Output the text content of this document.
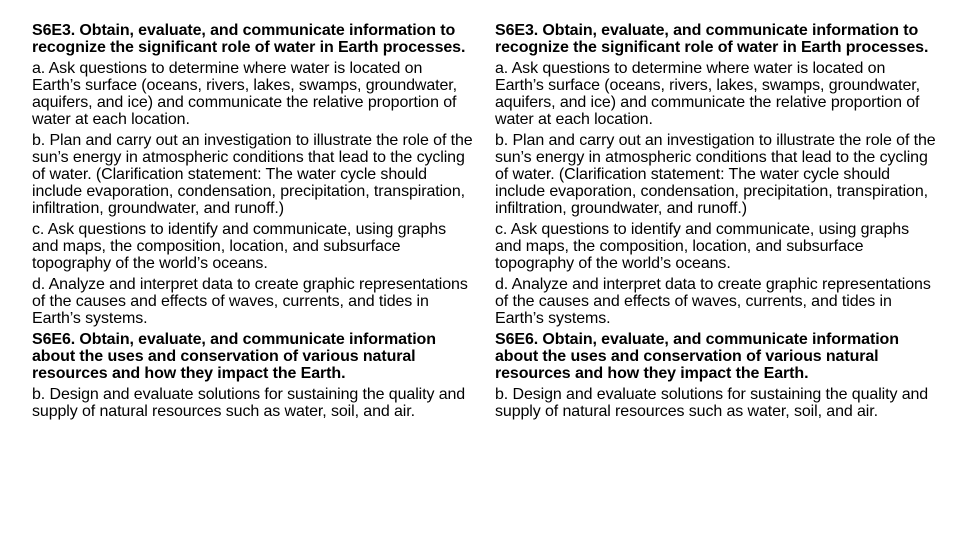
S6E3. Obtain, evaluate, and communicate information to recognize the significant role of water in Earth processes.

a. Ask questions to determine where water is located on Earth’s surface (oceans, rivers, lakes, swamps, groundwater, aquifers, and ice) and communicate the relative proportion of water at each location.

b. Plan and carry out an investigation to illustrate the role of the sun’s energy in atmospheric conditions that lead to the cycling of water. (Clarification statement: The water cycle should include evaporation, condensation, precipitation, transpiration, infiltration, groundwater, and runoff.)

c. Ask questions to identify and communicate, using graphs and maps, the composition, location, and subsurface topography of the world’s oceans.

d. Analyze and interpret data to create graphic representations of the causes and effects of waves, currents, and tides in Earth’s systems.

S6E6. Obtain, evaluate, and communicate information about the uses and conservation of various natural resources and how they impact the Earth.

b. Design and evaluate solutions for sustaining the quality and supply of natural resources such as water, soil, and air.

S6E3. Obtain, evaluate, and communicate information to recognize the significant role of water in Earth processes.

a. Ask questions to determine where water is located on Earth’s surface (oceans, rivers, lakes, swamps, groundwater, aquifers, and ice) and communicate the relative proportion of water at each location.

b. Plan and carry out an investigation to illustrate the role of the sun’s energy in atmospheric conditions that lead to the cycling of water. (Clarification statement: The water cycle should include evaporation, condensation, precipitation, transpiration, infiltration, groundwater, and runoff.)

c. Ask questions to identify and communicate, using graphs and maps, the composition, location, and subsurface topography of the world’s oceans.

d. Analyze and interpret data to create graphic representations of the causes and effects of waves, currents, and tides in Earth’s systems.

S6E6. Obtain, evaluate, and communicate information about the uses and conservation of various natural resources and how they impact the Earth.

b. Design and evaluate solutions for sustaining the quality and supply of natural resources such as water, soil, and air.
